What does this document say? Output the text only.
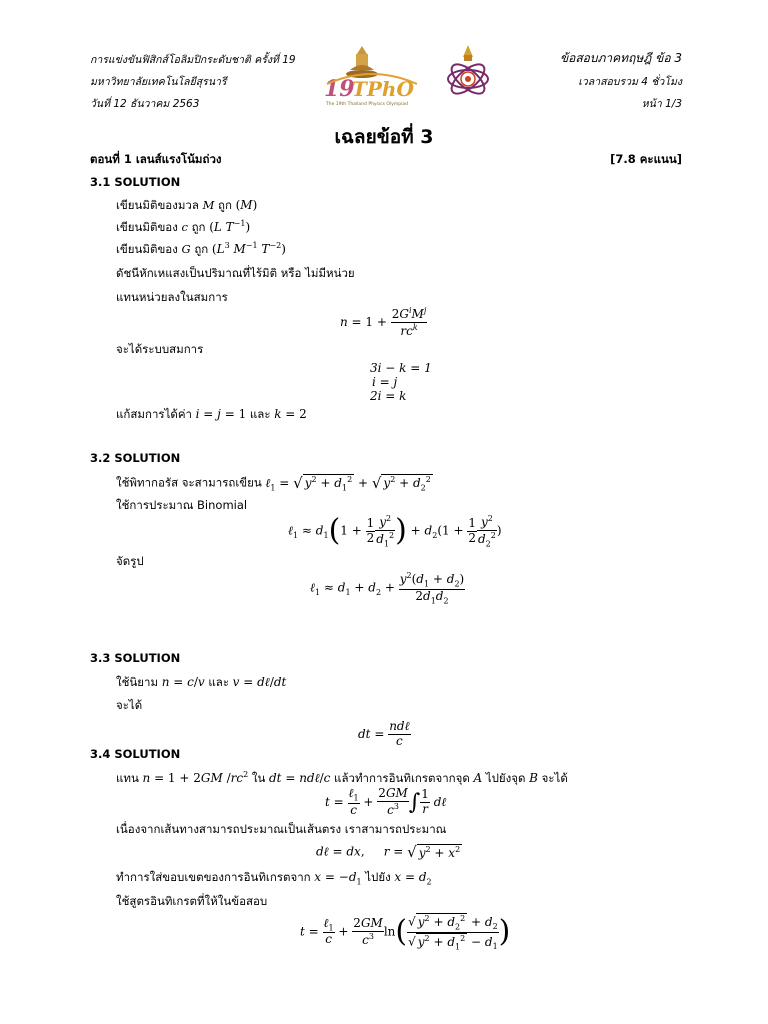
การแข่งขันฟิสิกส์โอลิมปิกระดับชาติ ครั้งที่ 19
มหาวิทยาลัยเทคโนโลยีสุรนารี
วันที่ 12 ธันวาคม 2563
ข้อสอบภาคทฤษฎี ข้อ 3
เวลาสอบรวม 4 ชั่วโมง
หน้า 1/3
19
TPhO
The 19th Thailand Physics Olympiad
เฉลยข้อที่ 3
ตอนที่ 1 เลนส์แรงโน้มถ่วง	[7.8 คะแนน]
3.1 SOLUTION
เขียนมิติของมวล M ถูก (M)
เขียนมิติของ c ถูก (L $T^{-1}$)
เขียนมิติของ G ถูก ($L^3$ $M^{-1}$ $T^{-2}$)
ดัชนีหักเหแสงเป็นปริมาณที่ไร้มิติ หรือ ไม่มีหน่วย
แทนหน่วยลงในสมการ
$n = 1 + \frac{2G^iM^j}{rc^k}$
จะได้ระบบสมการ
3i − k = 1
i = j
2i = k
แก้สมการได้ค่า i = j = 1 และ k = 2
3.2 SOLUTION
ใช้พิทากอรัส จะสามารถเขียน ℓ$_1$ = √ $y^2 + d_1^2$ + √ $y^2 + d_2^2$
ใช้การประมาณ Binomial
ℓ$_1$ ≈ $d_1(1 + \frac{1}{2} \frac{y^2}{d_1^2}$ ) + $d_2(1 + \frac{1}{2} \frac{y^2}{d_2^2}$ )
จัดรูป
ℓ$_1$ ≈ $d_1 + d_2 + \frac{y^2(d_1 + d_2)}{2d_1d_2}$
3.3 SOLUTION
ใช้นิยาม n = c/v และ v = dℓ/dt
จะได้
dt = $\frac{\text{ndℓ}}{c}$
3.4 SOLUTION
แทน n = 1 + 2GM $/rc^2$ ใน dt = ndℓ/c แล้วทำการอินทิเกรตจากจุด A ไปยังจุด B จะได้
$t = \frac{\ell_1}{c} + \frac{2GM}{c^3}$ ∫ $\frac{1}{r}$ dℓ
เนื่องจากเส้นทางสามารถประมาณเป็นเส้นตรง เราสามารถประมาณ
dℓ = dx,     r = √ $y^2 + x^2$
ทำการใส่ขอบเขตของการอินทิเกรตจาก $x = -d_1$ ไปยัง $x = d_2$
ใช้สูตรอินทิเกรตที่ให้ในข้อสอบ
$t = \frac{\ell_1}{c} + \frac{2GM}{c^3} \ln( \frac{√ y^2 + d_2^2 + d_2}{√ y^2 + d_1^2 - d_1}$ )
